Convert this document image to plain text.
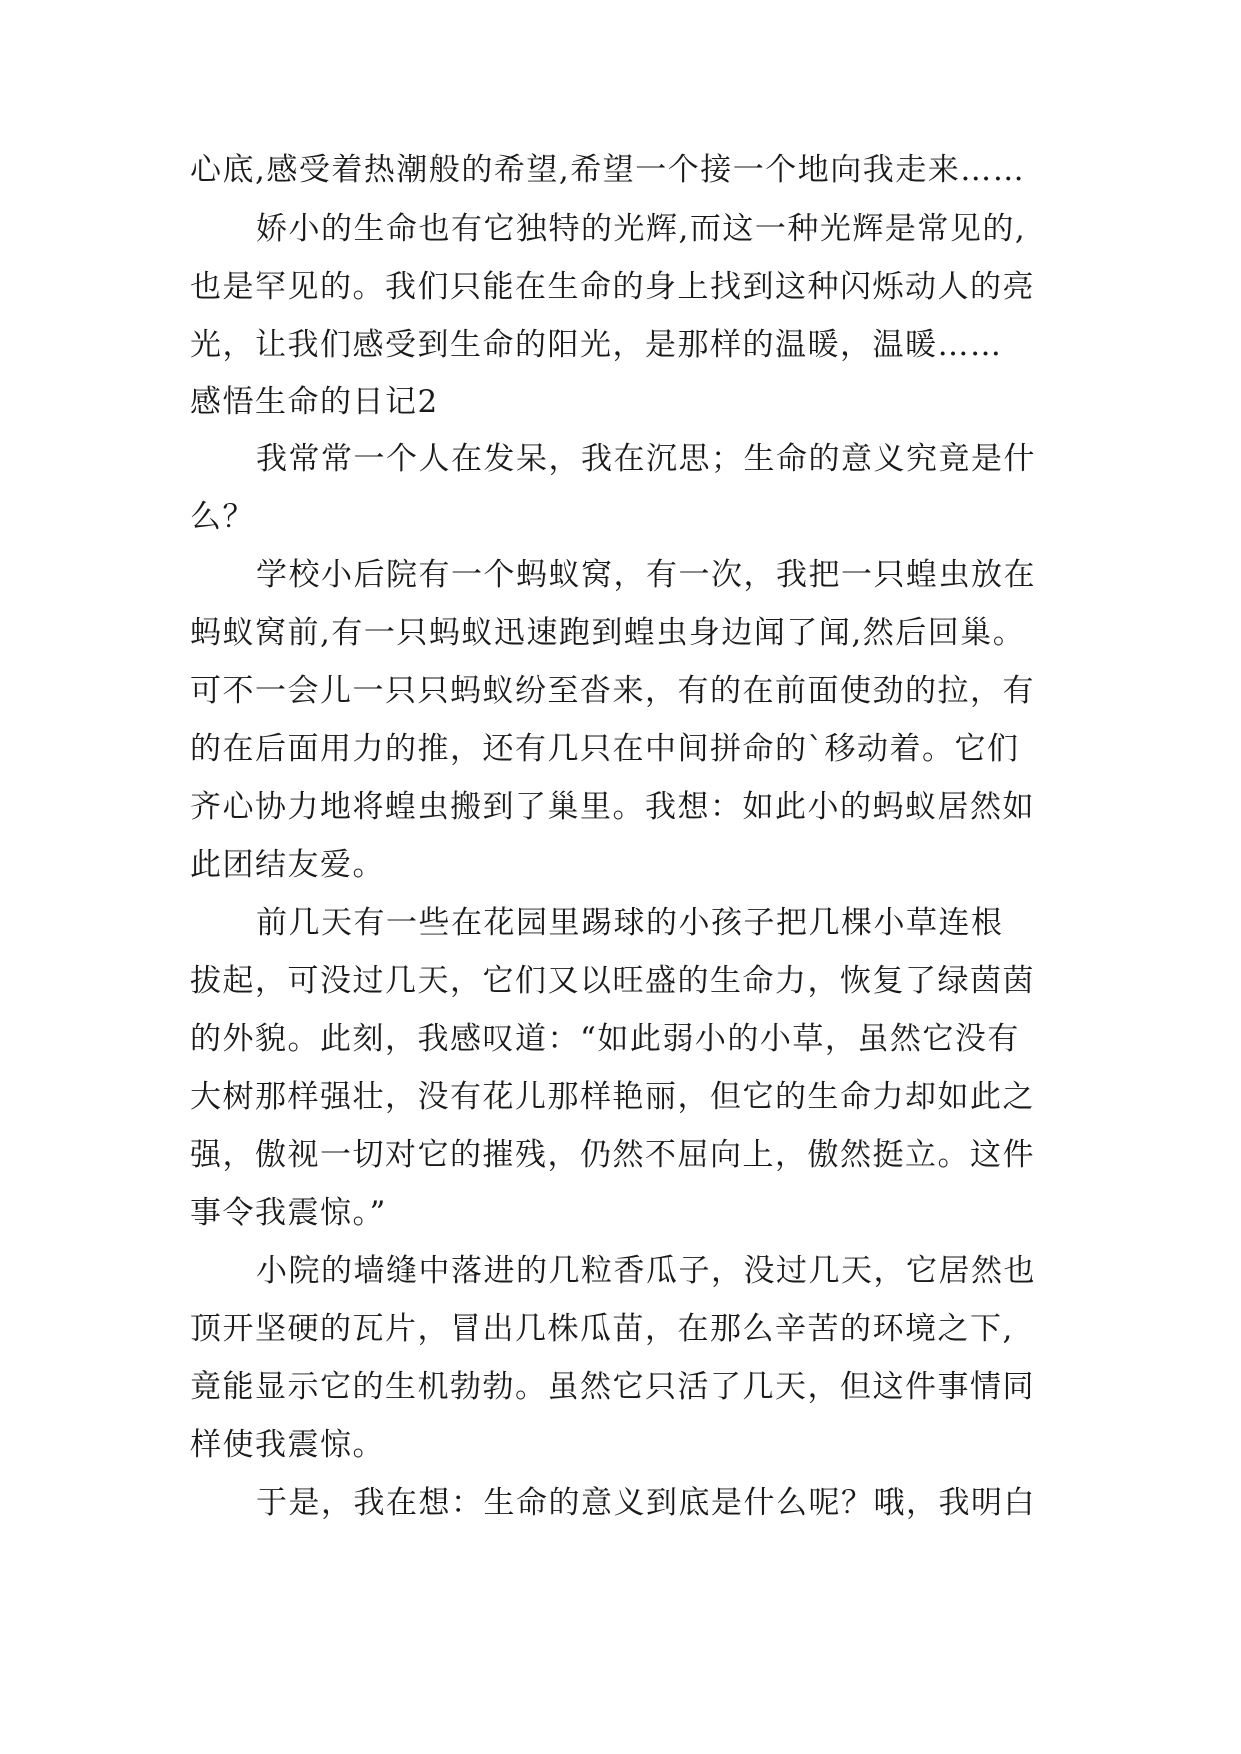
心底,感受着热潮般的希望,希望一个接一个地向我走来……
娇小的生命也有它独特的光辉,而这一种光辉是常见的,
也是罕见的。我们只能在生命的身上找到这种闪烁动人的亮
光，让我们感受到生命的阳光，是那样的温暖，温暖……
感悟生命的日记2
我常常一个人在发呆，我在沉思；生命的意义究竟是什
么？
学校小后院有一个蚂蚁窝，有一次，我把一只蝗虫放在
蚂蚁窝前,有一只蚂蚁迅速跑到蝗虫身边闻了闻,然后回巢。
可不一会儿一只只蚂蚁纷至沓来，有的在前面使劲的拉，有
的在后面用力的推，还有几只在中间拼命的`移动着。它们
齐心协力地将蝗虫搬到了巢里。我想：如此小的蚂蚁居然如
此团结友爱。
前几天有一些在花园里踢球的小孩子把几棵小草连根
拔起，可没过几天，它们又以旺盛的生命力，恢复了绿茵茵
的外貌。此刻，我感叹道：“如此弱小的小草，虽然它没有
大树那样强壮，没有花儿那样艳丽，但它的生命力却如此之
强，傲视一切对它的摧残，仍然不屈向上，傲然挺立。这件
事令我震惊。”
小院的墙缝中落进的几粒香瓜子，没过几天，它居然也
顶开坚硬的瓦片，冒出几株瓜苗，在那么辛苦的环境之下,
竟能显示它的生机勃勃。虽然它只活了几天，但这件事情同
样使我震惊。
于是，我在想：生命的意义到底是什么呢？哦，我明白
